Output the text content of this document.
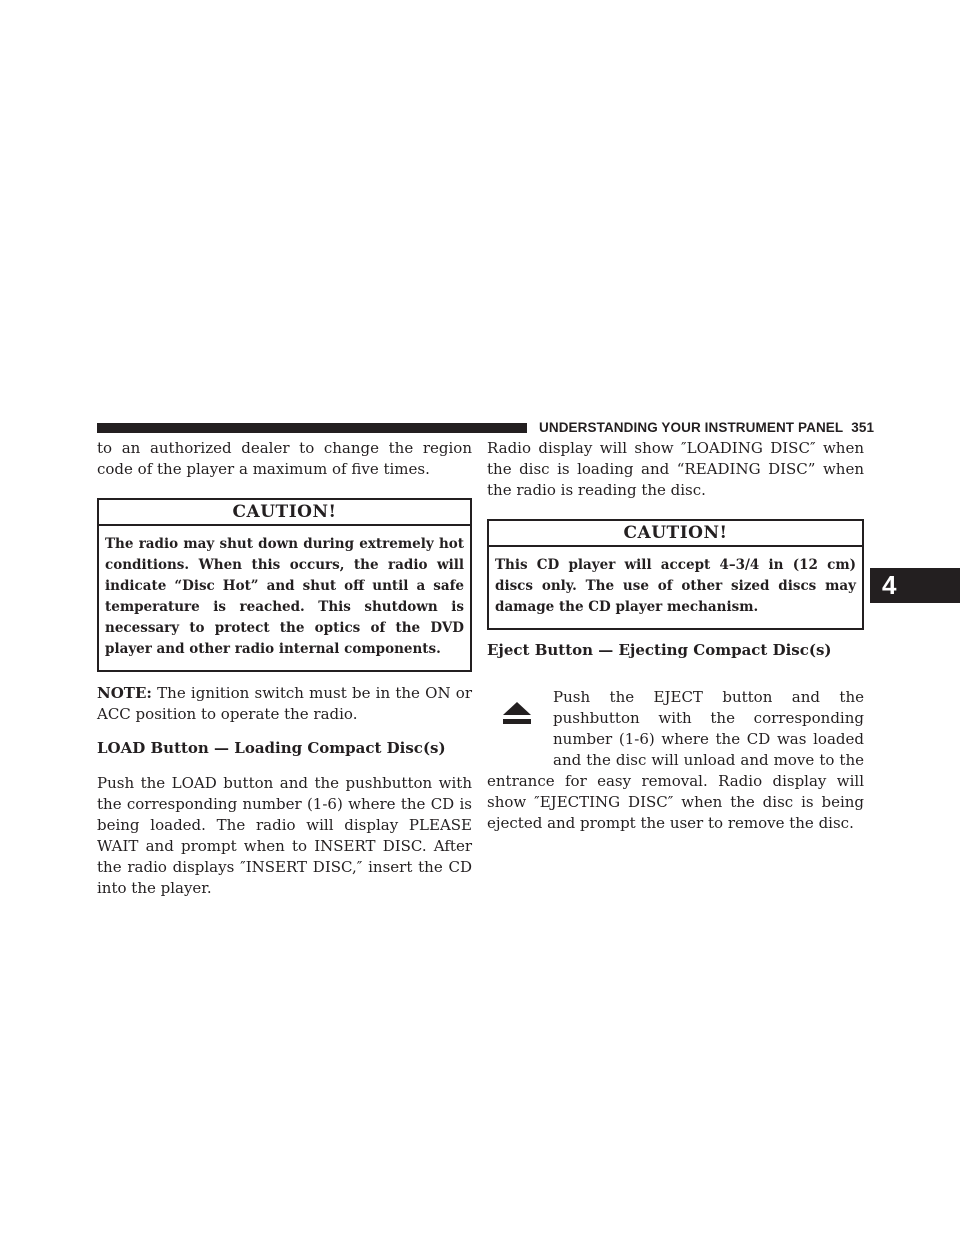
UNDERSTANDING YOUR INSTRUMENT PANEL 351

to an authorized dealer to change the region code of the player a maximum of five times.

CAUTION!
The radio may shut down during extremely hot conditions. When this occurs, the radio will indicate “Disc Hot” and shut off until a safe temperature is reached. This shutdown is necessary to protect the optics of the DVD player and other radio internal components.

NOTE: The ignition switch must be in the ON or ACC position to operate the radio.

LOAD Button — Loading Compact Disc(s)

Push the LOAD button and the pushbutton with the corresponding number (1-6) where the CD is being loaded. The radio will display PLEASE WAIT and prompt when to INSERT DISC. After the radio displays ″INSERT DISC,″ insert the CD into the player.

Radio display will show ″LOADING DISC″ when the disc is loading and “READING DISC” when the radio is reading the disc.

CAUTION!
This CD player will accept 4–3/4 in (12 cm) discs only. The use of other sized discs may damage the CD player mechanism.

Eject Button — Ejecting Compact Disc(s)

Push the EJECT button and the pushbutton with the corresponding number (1-6) where the CD was loaded and the disc will unload and move to the entrance for easy removal. Radio display will show ″EJECTING DISC″ when the disc is being ejected and prompt the user to remove the disc.

4
